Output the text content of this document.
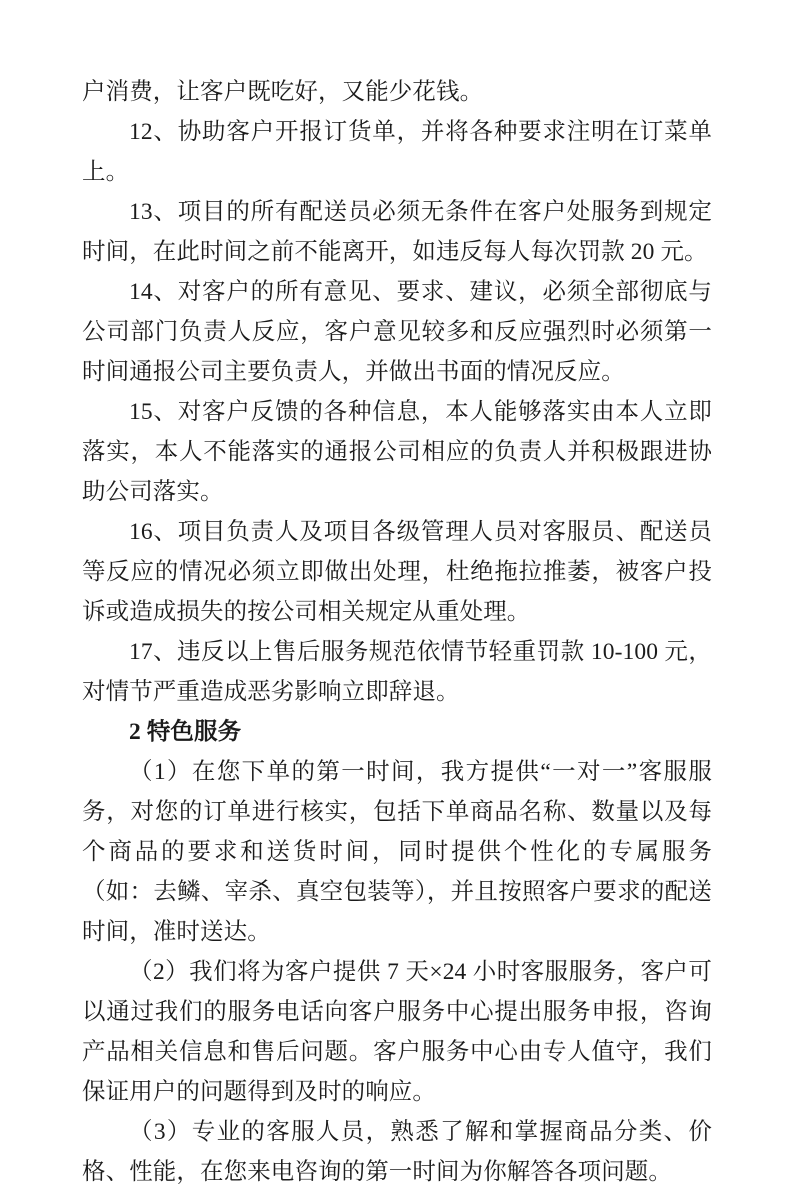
户消费，让客户既吃好，又能少花钱。

12、协助客户开报订货单，并将各种要求注明在订菜单上。

13、项目的所有配送员必须无条件在客户处服务到规定时间，在此时间之前不能离开，如违反每人每次罚款 20 元。

14、对客户的所有意见、要求、建议，必须全部彻底与公司部门负责人反应，客户意见较多和反应强烈时必须第一时间通报公司主要负责人，并做出书面的情况反应。

15、对客户反馈的各种信息，本人能够落实由本人立即落实，本人不能落实的通报公司相应的负责人并积极跟进协助公司落实。

16、项目负责人及项目各级管理人员对客服员、配送员等反应的情况必须立即做出处理，杜绝拖拉推萎，被客户投诉或造成损失的按公司相关规定从重处理。

17、违反以上售后服务规范依情节轻重罚款 10-100 元，对情节严重造成恶劣影响立即辞退。

2 特色服务

（1）在您下单的第一时间，我方提供“一对一”客服服务，对您的订单进行核实，包括下单商品名称、数量以及每个商品的要求和送货时间，同时提供个性化的专属服务（如：去鳞、宰杀、真空包装等），并且按照客户要求的配送时间，准时送达。

（2）我们将为客户提供 7 天×24 小时客服服务，客户可以通过我们的服务电话向客户服务中心提出服务申报，咨询产品相关信息和售后问题。客户服务中心由专人值守，我们保证用户的问题得到及时的响应。

（3）专业的客服人员，熟悉了解和掌握商品分类、价格、性能，在您来电咨询的第一时间为你解答各项问题。
